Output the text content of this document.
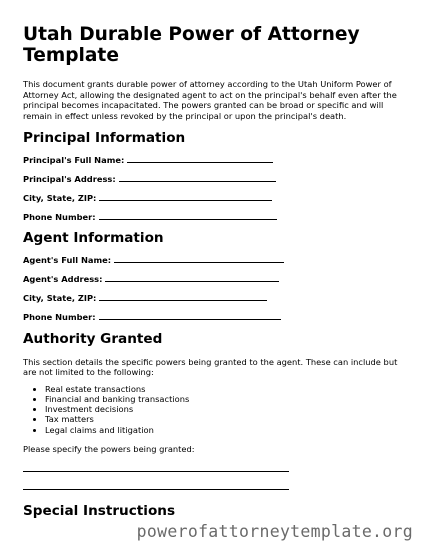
Utah Durable Power of Attorney Template

This document grants durable power of attorney according to the Utah Uniform Power of Attorney Act, allowing the designated agent to act on the principal's behalf even after the principal becomes incapacitated. The powers granted can be broad or specific and will remain in effect unless revoked by the principal or upon the principal's death.

Principal Information
Principal's Full Name:
Principal's Address:
City, State, ZIP:
Phone Number:
Agent Information
Agent's Full Name:
Agent's Address:
City, State, ZIP:
Phone Number:
Authority Granted

This section details the specific powers being granted to the agent. These can include but are not limited to the following:

• Real estate transactions
• Financial and banking transactions
• Investment decisions
• Tax matters
• Legal claims and litigation
Please specify the powers being granted:
Special Instructions
powerofattorneytemplate.org
